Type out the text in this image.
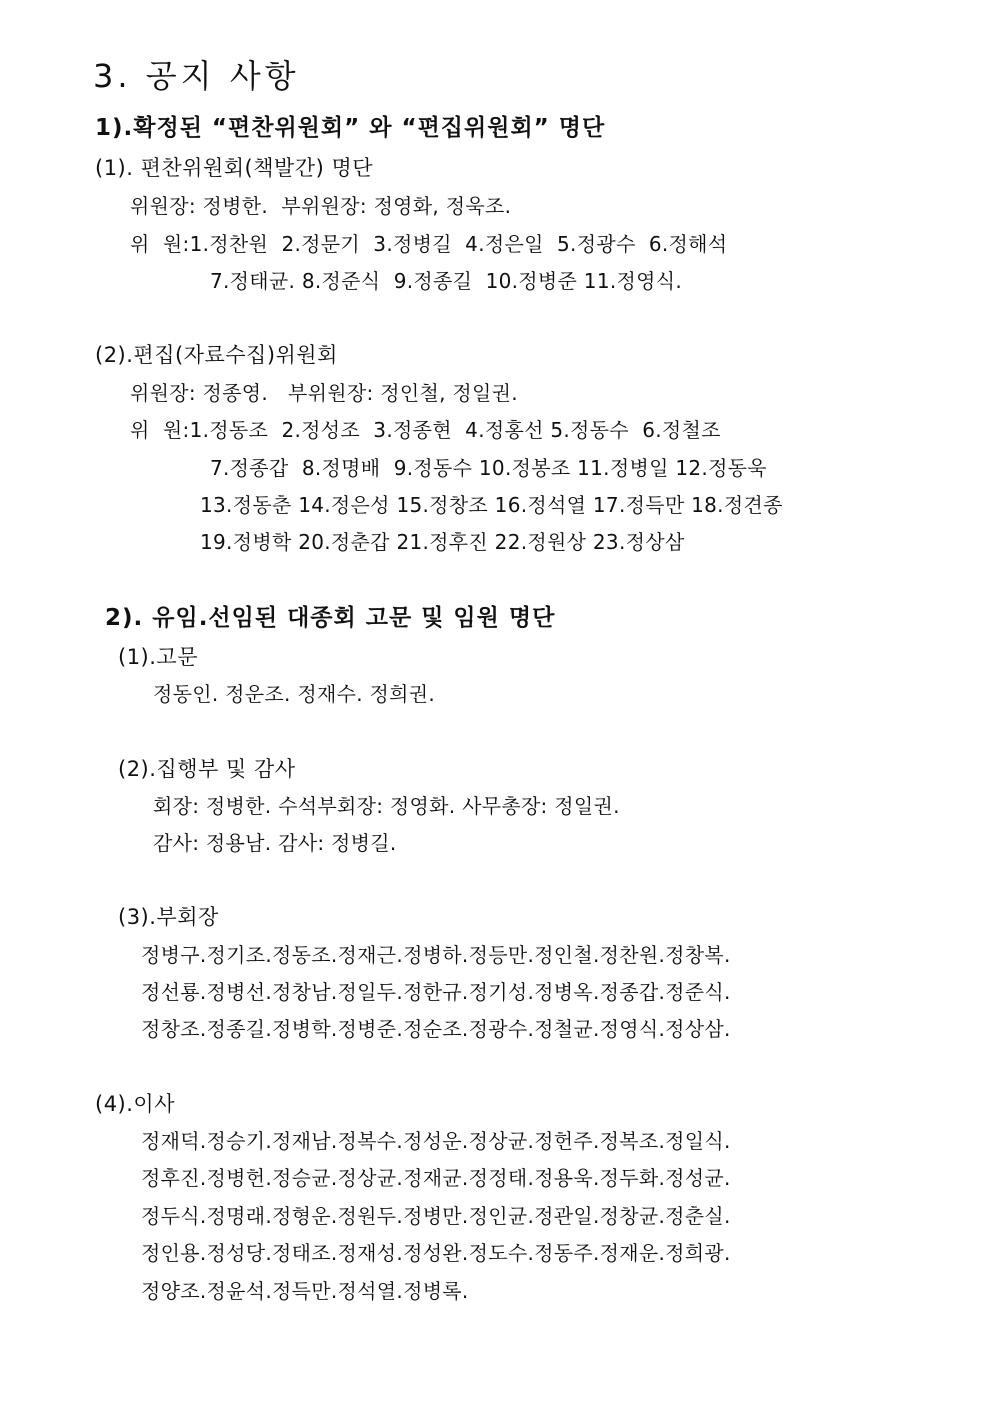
3. 공지 사항
1).확정된 “편찬위원회” 와 “편집위원회” 명단
(1). 편찬위원회(책발간) 명단
위원장: 정병한.  부위원장: 정영화, 정욱조.
위  원:1.정찬원  2.정문기  3.정병길  4.정은일  5.정광수  6.정해석
7.정태균. 8.정준식  9.정종길  10.정병준 11.정영식.
(2).편집(자료수집)위원회
위원장: 정종영.   부위원장: 정인철, 정일권.
위  원:1.정동조  2.정성조  3.정종현  4.정홍선 5.정동수  6.정철조
7.정종갑  8.정명배  9.정동수 10.정봉조 11.정병일 12.정동욱
13.정동춘 14.정은성 15.정창조 16.정석열 17.정득만 18.정견종
19.정병학 20.정춘갑 21.정후진 22.정원상 23.정상삼
2). 유임.선임된 대종회 고문 및 임원 명단
(1).고문
정동인. 정운조. 정재수. 정희권.
(2).집행부 및 감사
회장: 정병한. 수석부회장: 정영화. 사무총장: 정일권.
감사: 정용남. 감사: 정병길.
(3).부회장
정병구.정기조.정동조.정재근.정병하.정등만.정인철.정찬원.정창복.
정선룡.정병선.정창남.정일두.정한규.정기성.정병옥.정종갑.정준식.
정창조.정종길.정병학.정병준.정순조.정광수.정철균.정영식.정상삼.
(4).이사
정재덕.정승기.정재남.정복수.정성운.정상균.정헌주.정복조.정일식.
정후진.정병헌.정승균.정상균.정재균.정정태.정용욱.정두화.정성균.
정두식.정명래.정형운.정원두.정병만.정인균.정관일.정창균.정춘실.
정인용.정성당.정태조.정재성.정성완.정도수.정동주.정재운.정희광.
정양조.정윤석.정득만.정석열.정병록.
